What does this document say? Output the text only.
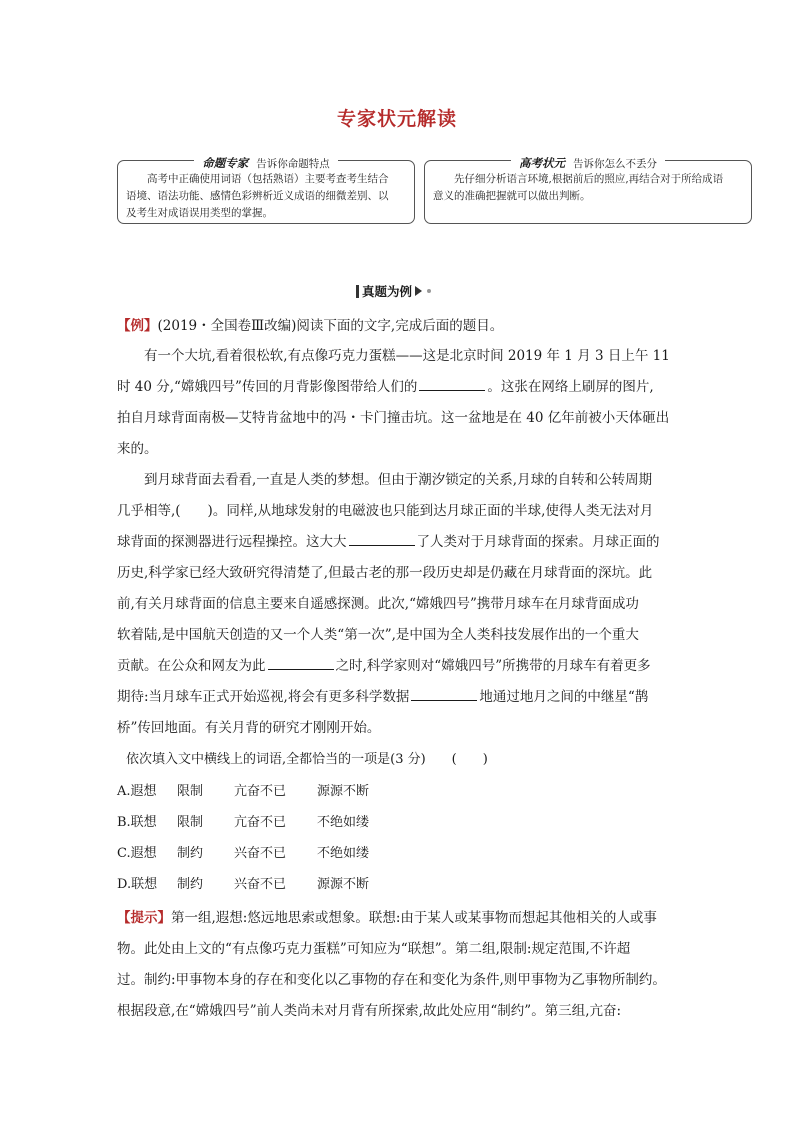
专家状元解读
命题专家 告诉你命题特点
高考中正确使用词语（包括熟语）主要考查考生结合
语境、语法功能、感情色彩辨析近义成语的细微差别、以
及考生对成语误用类型的掌握。
高考状元 告诉你怎么不丢分
先仔细分析语言环境,根据前后的照应,再结合对于所给成语
意义的准确把握就可以做出判断。
真题为例
【例】(2019・全国卷Ⅲ改编)阅读下面的文字,完成后面的题目。
有一个大坑,看着很松软,有点像巧克力蛋糕——这是北京时间 2019 年 1 月 3 日上午 11
时 40 分,“嫦娥四号”传回的月背影像图带给人们的	。这张在网络上刷屏的图片,
拍自月球背面南极—艾特肯盆地中的冯・卡门撞击坑。这一盆地是在 40 亿年前被小天体砸出
来的。
到月球背面去看看,一直是人类的梦想。但由于潮汐锁定的关系,月球的自转和公转周期
几乎相等,(　　)。同样,从地球发射的电磁波也只能到达月球正面的半球,使得人类无法对月
球背面的探测器进行远程操控。这大大	了人类对于月球背面的探索。月球正面的
历史,科学家已经大致研究得清楚了,但最古老的那一段历史却是仍藏在月球背面的深坑。此
前,有关月球背面的信息主要来自遥感探测。此次,“嫦娥四号”携带月球车在月球背面成功
软着陆,是中国航天创造的又一个人类“第一次”,是中国为全人类科技发展作出的一个重大
贡献。在公众和网友为此	之时,科学家则对“嫦娥四号”所携带的月球车有着更多
期待:当月球车正式开始巡视,将会有更多科学数据	地通过地月之间的中继星“鹊
桥”传回地面。有关月背的研究才刚刚开始。
依次填入文中横线上的词语,全都恰当的一项是(3 分)　　(　　)
A.遐想 限制 亢奋不已 源源不断
B.联想 限制 亢奋不已 不绝如缕
C.遐想 制约 兴奋不已 不绝如缕
D.联想 制约 兴奋不已 源源不断
【提示】第一组,遐想:悠远地思索或想象。联想:由于某人或某事物而想起其他相关的人或事
物。此处由上文的“有点像巧克力蛋糕”可知应为“联想”。第二组,限制:规定范围,不许超
过。制约:甲事物本身的存在和变化以乙事物的存在和变化为条件,则甲事物为乙事物所制约。
根据段意,在“嫦娥四号”前人类尚未对月背有所探索,故此处应用“制约”。第三组,亢奋:
